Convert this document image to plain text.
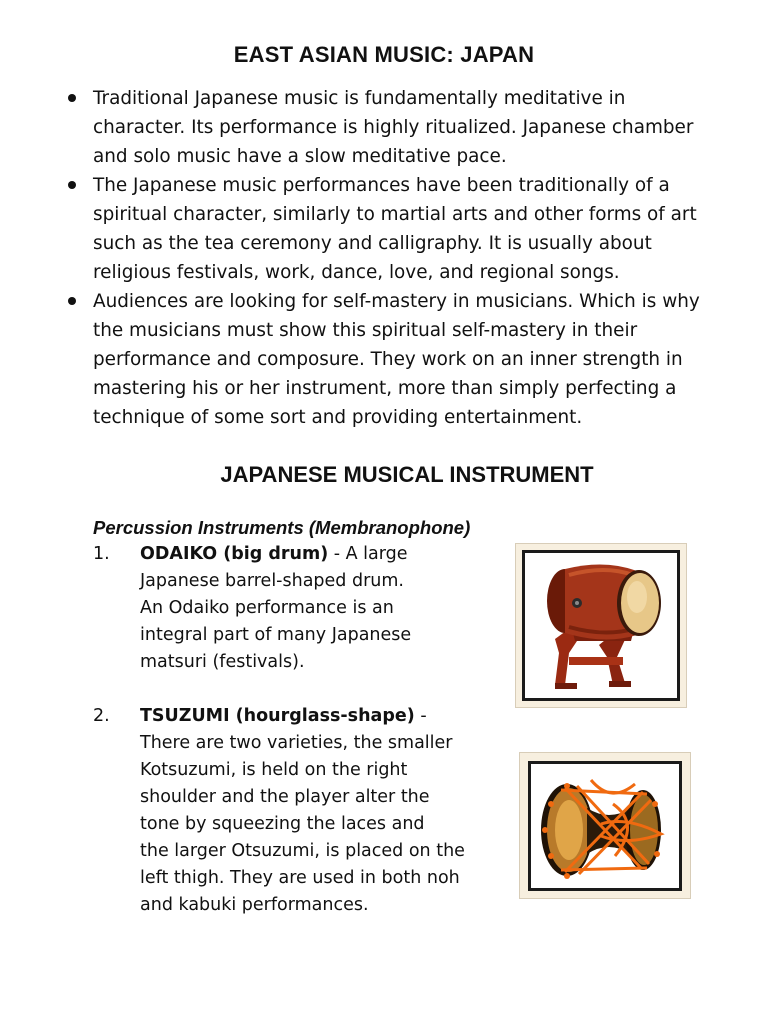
EAST ASIAN MUSIC: JAPAN
Traditional Japanese music is fundamentally meditative in character. Its performance is highly ritualized. Japanese chamber and solo music have a slow meditative pace.
The Japanese music performances have been traditionally of a spiritual character, similarly to martial arts and other forms of art such as the tea ceremony and calligraphy. It is usually about religious festivals, work, dance, love, and regional songs.
Audiences are looking for self-mastery in musicians. Which is why the musicians must show this spiritual self-mastery in their performance and composure. They work on an inner strength in mastering his or her instrument, more than simply perfecting a technique of some sort and providing entertainment.
JAPANESE MUSICAL INSTRUMENT
Percussion Instruments (Membranophone)
1. ODAIKO (big drum) - A large
Japanese barrel-shaped drum.
An Odaiko performance is an
integral part of many Japanese
matsuri (festivals).
2. TSUZUMI (hourglass-shape) -
There are two varieties, the smaller
Kotsuzumi, is held on the right
shoulder and the player alter the
tone by squeezing the laces and
the larger Otsuzumi, is placed on the
left thigh. They are used in both noh
and kabuki performances.
